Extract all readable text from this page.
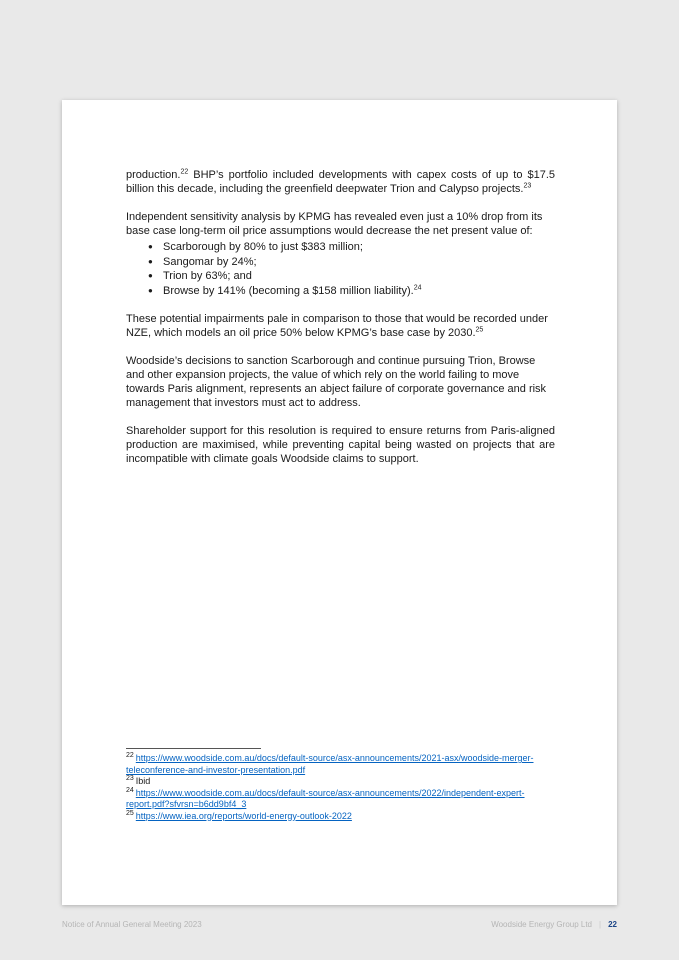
production.$^{22}$ BHP’s portfolio included developments with capex costs of up to $17.5 billion this decade, including the greenfield deepwater Trion and Calypso projects.$^{23}$

Independent sensitivity analysis by KPMG has revealed even just a 10% drop from its base case long-term oil price assumptions would decrease the net present value of:

● Scarborough by 80% to just $383 million;
● Sangomar by 24%;
● Trion by 63%; and
● Browse by 141% (becoming a $158 million liability).$^{24}$

These potential impairments pale in comparison to those that would be recorded under NZE, which models an oil price 50% below KPMG’s base case by 2030.25

Woodside’s decisions to sanction Scarborough and continue pursuing Trion, Browse and other expansion projects, the value of which rely on the world failing to move towards Paris alignment, represents an abject failure of corporate governance and risk management that investors must act to address.

Shareholder support for this resolution is required to ensure returns from Paris-aligned production are maximised, while preventing capital being wasted on projects that are incompatible with climate goals Woodside claims to support.

$^{22}$ https://www.woodside.com.au/docs/default-source/asx-announcements/2021-asx/woodside-merger-teleconference-and-investor-presentation.pdf
$^{23}$ Ibid
$^{24}$ https://www.woodside.com.au/docs/default-source/asx-announcements/2022/independent-expert-report.pdf?sfvrsn=b6dd9bf4_3
$^{25}$ https://www.iea.org/reports/world-energy-outlook-2022
Notice of Annual General Meeting 2023	Woodside Energy Group Ltd | 22
